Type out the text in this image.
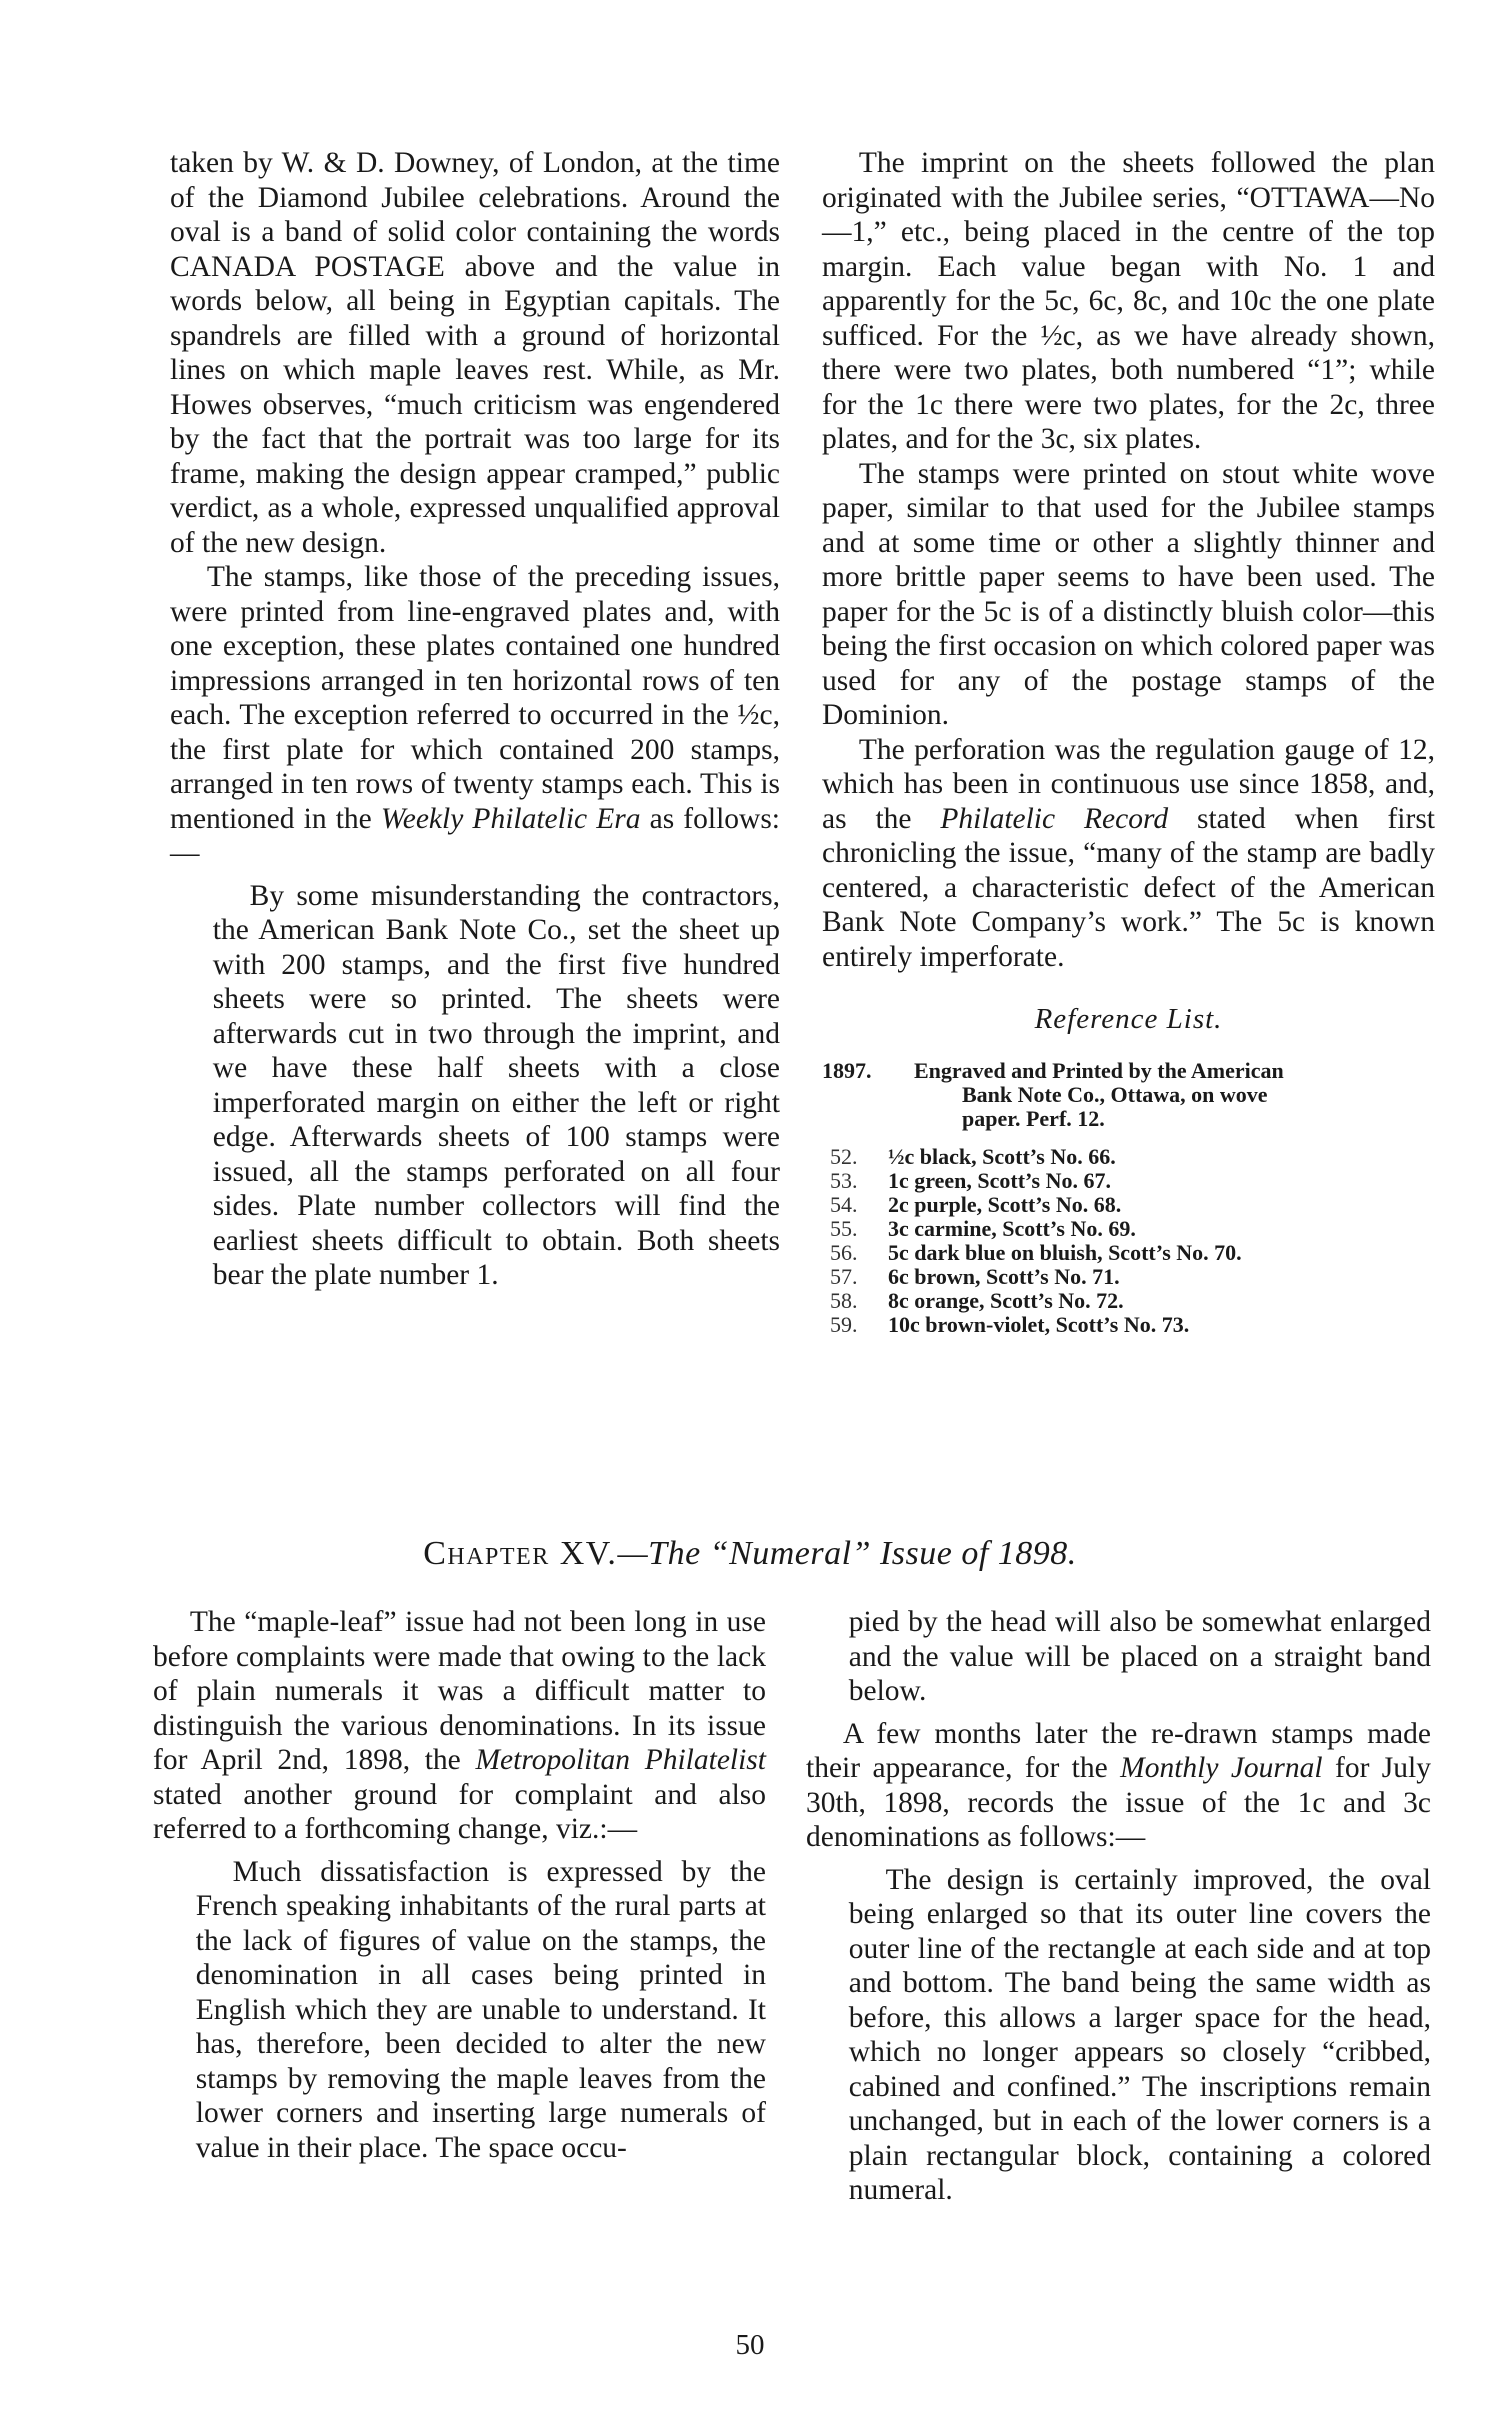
taken by W. & D. Downey, of London, at the time of the Diamond Jubilee celebrations. Around the oval is a band of solid color containing the words CANADA POSTAGE above and the value in words below, all being in Egyptian capitals. The spandrels are filled with a ground of horizontal lines on which maple leaves rest. While, as Mr. Howes observes, “much criticism was engendered by the fact that the portrait was too large for its frame, making the design appear cramped,” public verdict, as a whole, expressed unqualified approval of the new design.

The stamps, like those of the preceding issues, were printed from line-engraved plates and, with one exception, these plates contained one hundred impressions arranged in ten horizontal rows of ten each. The exception referred to occurred in the ½c, the first plate for which contained 200 stamps, arranged in ten rows of twenty stamps each. This is mentioned in the Weekly Philatelic Era as follows:—

By some misunderstanding the contractors, the American Bank Note Co., set the sheet up with 200 stamps, and the first five hundred sheets were so printed. The sheets were afterwards cut in two through the imprint, and we have these half sheets with a close imperforated margin on either the left or right edge. Afterwards sheets of 100 stamps were issued, all the stamps perforated on all four sides. Plate number collectors will find the earliest sheets difficult to obtain. Both sheets bear the plate number 1.

The imprint on the sheets followed the plan originated with the Jubilee series, “OTTAWA—No—1,” etc., being placed in the centre of the top margin. Each value began with No. 1 and apparently for the 5c, 6c, 8c, and 10c the one plate sufficed. For the ½c, as we have already shown, there were two plates, both numbered “1”; while for the 1c there were two plates, for the 2c, three plates, and for the 3c, six plates.

The stamps were printed on stout white wove paper, similar to that used for the Jubilee stamps and at some time or other a slightly thinner and more brittle paper seems to have been used. The paper for the 5c is of a distinctly bluish color—this being the first occasion on which colored paper was used for any of the postage stamps of the Dominion.

The perforation was the regulation gauge of 12, which has been in continuous use since 1858, and, as the Philatelic Record stated when first chronicling the issue, “many of the stamp are badly centered, a characteristic defect of the American Bank Note Company’s work.” The 5c is known entirely imperforate.

Reference List.
1897.	Engraved and Printed by the American
Bank Note Co., Ottawa, on wove
paper. Perf. 12.
52.	½c black, Scott’s No. 66.
53.	1c green, Scott’s No. 67.
54.	2c purple, Scott’s No. 68.
55.	3c carmine, Scott’s No. 69.
56.	5c dark blue on bluish, Scott’s No. 70.
57.	6c brown, Scott’s No. 71.
58.	8c orange, Scott’s No. 72.
59.	10c brown-violet, Scott’s No. 73.
Chapter XV.—The “Numeral” Issue of 1898.

The “maple-leaf” issue had not been long in use before complaints were made that owing to the lack of plain numerals it was a difficult matter to distinguish the various denominations. In its issue for April 2nd, 1898, the Metropolitan Philatelist stated another ground for complaint and also referred to a forthcoming change, viz.:—

Much dissatisfaction is expressed by the French speaking inhabitants of the rural parts at the lack of figures of value on the stamps, the denomination in all cases being printed in English which they are unable to understand. It has, therefore, been decided to alter the new stamps by removing the maple leaves from the lower corners and inserting large numerals of value in their place. The space occu-

pied by the head will also be somewhat enlarged and the value will be placed on a straight band below.

A few months later the re-drawn stamps made their appearance, for the Monthly Journal for July 30th, 1898, records the issue of the 1c and 3c denominations as follows:—

The design is certainly improved, the oval being enlarged so that its outer line covers the outer line of the rectangle at each side and at top and bottom. The band being the same width as before, this allows a larger space for the head, which no longer appears so closely “cribbed, cabined and confined.” The inscriptions remain unchanged, but in each of the lower corners is a plain rectangular block, containing a colored numeral.

50
